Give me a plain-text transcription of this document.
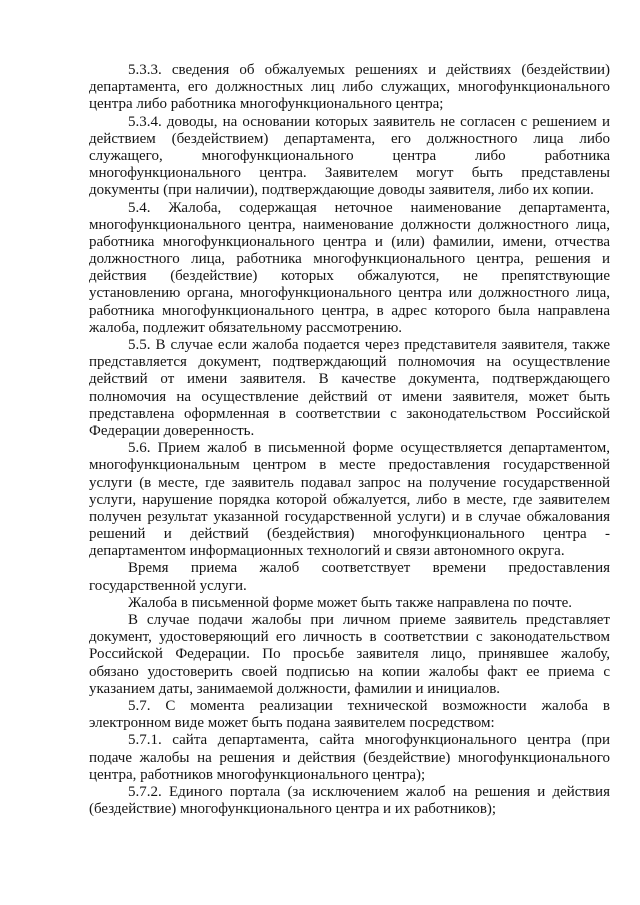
5.3.3. сведения об обжалуемых решениях и действиях (бездействии)
департамента, его должностных лиц либо служащих, многофункционального
центра либо работника многофункционального центра;
5.3.4. доводы, на основании которых заявитель не согласен с решением и
действием (бездействием) департамента, его должностного лица либо
служащего, многофункционального центра либо работника
многофункционального центра. Заявителем могут быть представлены
документы (при наличии), подтверждающие доводы заявителя, либо их копии.
5.4. Жалоба, содержащая неточное наименование департамента,
многофункционального центра, наименование должности должностного лица,
работника многофункционального центра и (или) фамилии, имени, отчества
должностного лица, работника многофункционального центра, решения и
действия (бездействие) которых обжалуются, не препятствующие
установлению органа, многофункционального центра или должностного лица,
работника многофункционального центра, в адрес которого была направлена
жалоба, подлежит обязательному рассмотрению.
5.5. В случае если жалоба подается через представителя заявителя, также
представляется документ, подтверждающий полномочия на осуществление
действий от имени заявителя. В качестве документа, подтверждающего
полномочия на осуществление действий от имени заявителя, может быть
представлена оформленная в соответствии с законодательством Российской
Федерации доверенность.
5.6. Прием жалоб в письменной форме осуществляется департаментом,
многофункциональным центром в месте предоставления государственной
услуги (в месте, где заявитель подавал запрос на получение государственной
услуги, нарушение порядка которой обжалуется, либо в месте, где заявителем
получен результат указанной государственной услуги) и в случае обжалования
решений и действий (бездействия) многофункционального центра -
департаментом информационных технологий и связи автономного округа.
Время приема жалоб соответствует времени предоставления
государственной услуги.
Жалоба в письменной форме может быть также направлена по почте.
В случае подачи жалобы при личном приеме заявитель представляет
документ, удостоверяющий его личность в соответствии с законодательством
Российской Федерации. По просьбе заявителя лицо, принявшее жалобу,
обязано удостоверить своей подписью на копии жалобы факт ее приема с
указанием даты, занимаемой должности, фамилии и инициалов.
5.7. С момента реализации технической возможности жалоба в
электронном виде может быть подана заявителем посредством:
5.7.1. сайта департамента, сайта многофункционального центра (при
подаче жалобы на решения и действия (бездействие) многофункционального
центра, работников многофункционального центра);
5.7.2. Единого портала (за исключением жалоб на решения и действия
(бездействие) многофункционального центра и их работников);
